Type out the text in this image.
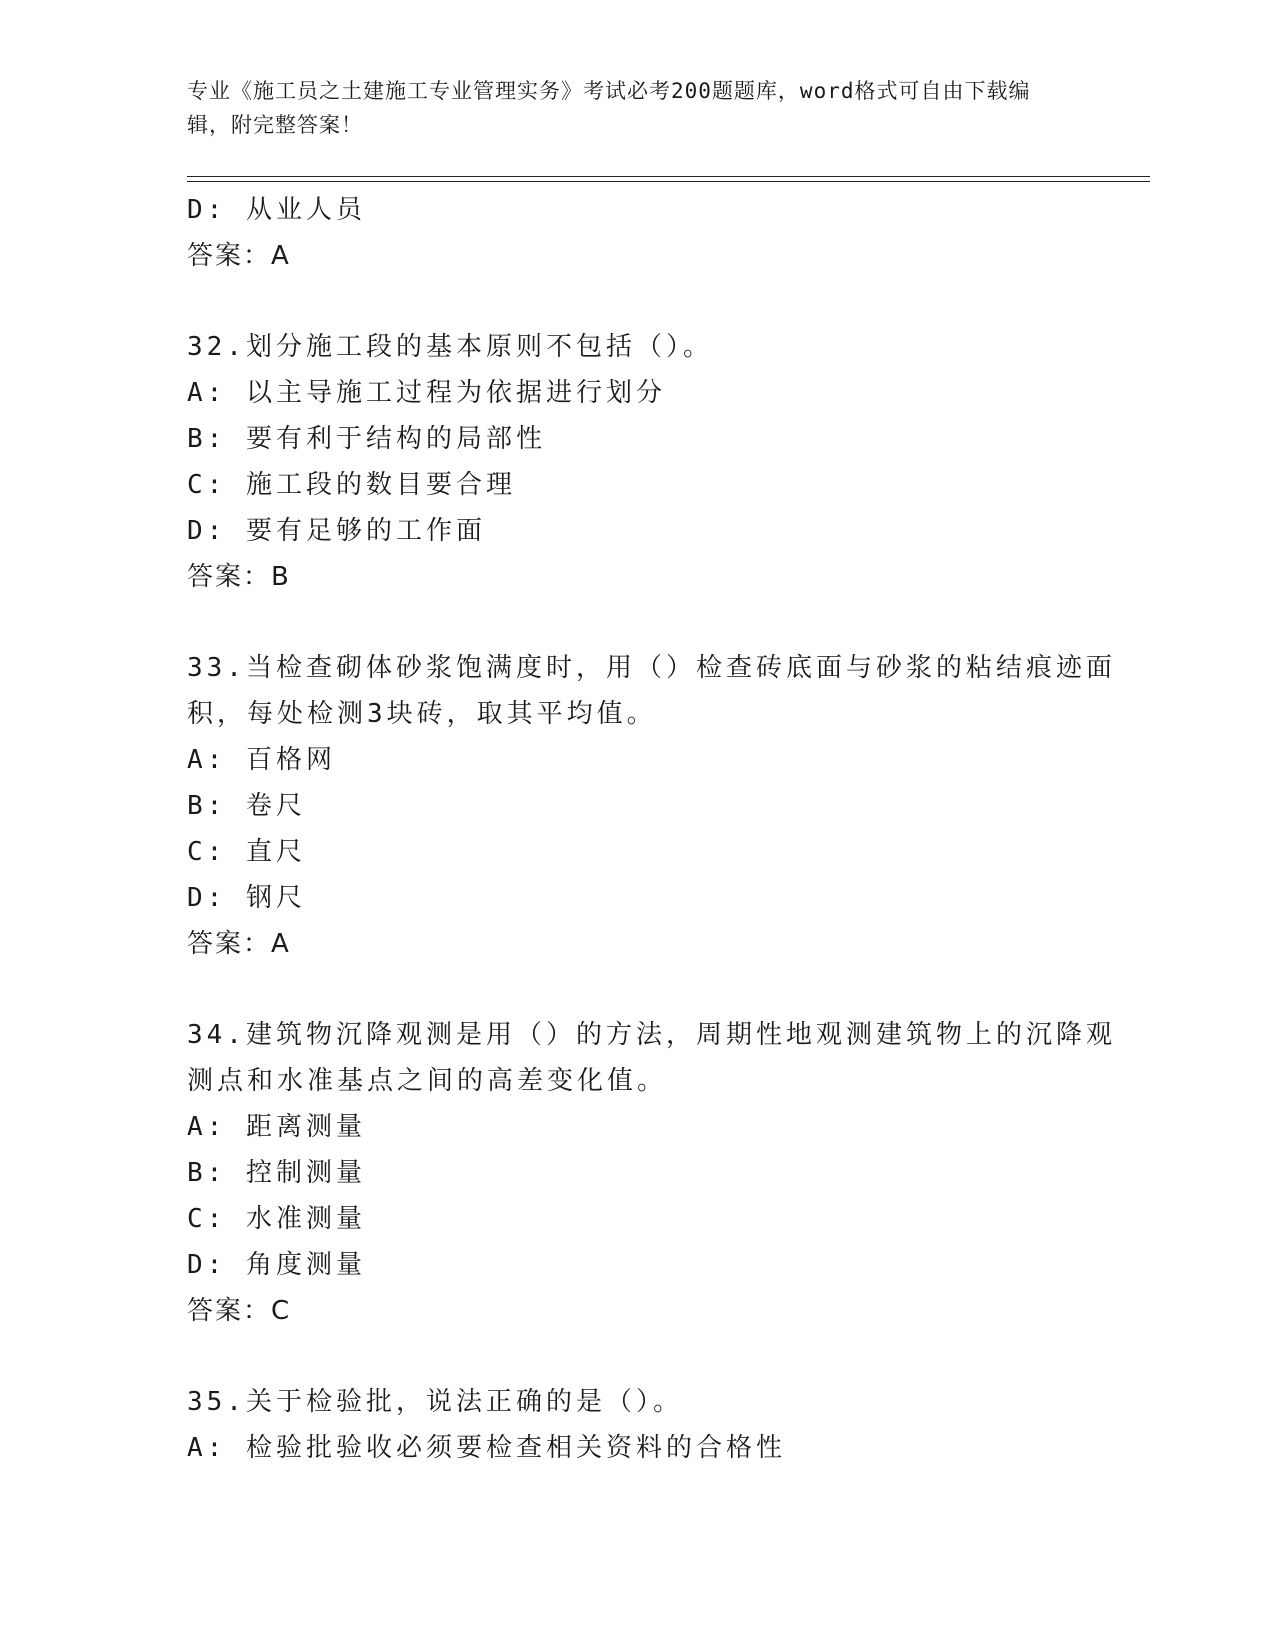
专业《施工员之土建施工专业管理实务》考试必考200题题库，word格式可自由下载编辑，附完整答案！
D: 从业人员
答案：A
32.划分施工段的基本原则不包括（）。
A: 以主导施工过程为依据进行划分
B: 要有利于结构的局部性
C: 施工段的数目要合理
D: 要有足够的工作面
答案：B
33.当检查砌体砂浆饱满度时，用（）检查砖底面与砂浆的粘结痕迹面
积，每处检测3块砖，取其平均值。
A: 百格网
B: 卷尺
C: 直尺
D: 钢尺
答案：A
34.建筑物沉降观测是用（）的方法，周期性地观测建筑物上的沉降观
测点和水准基点之间的高差变化值。
A: 距离测量
B: 控制测量
C: 水准测量
D: 角度测量
答案：C
35.关于检验批，说法正确的是（）。
A: 检验批验收必须要检查相关资料的合格性
